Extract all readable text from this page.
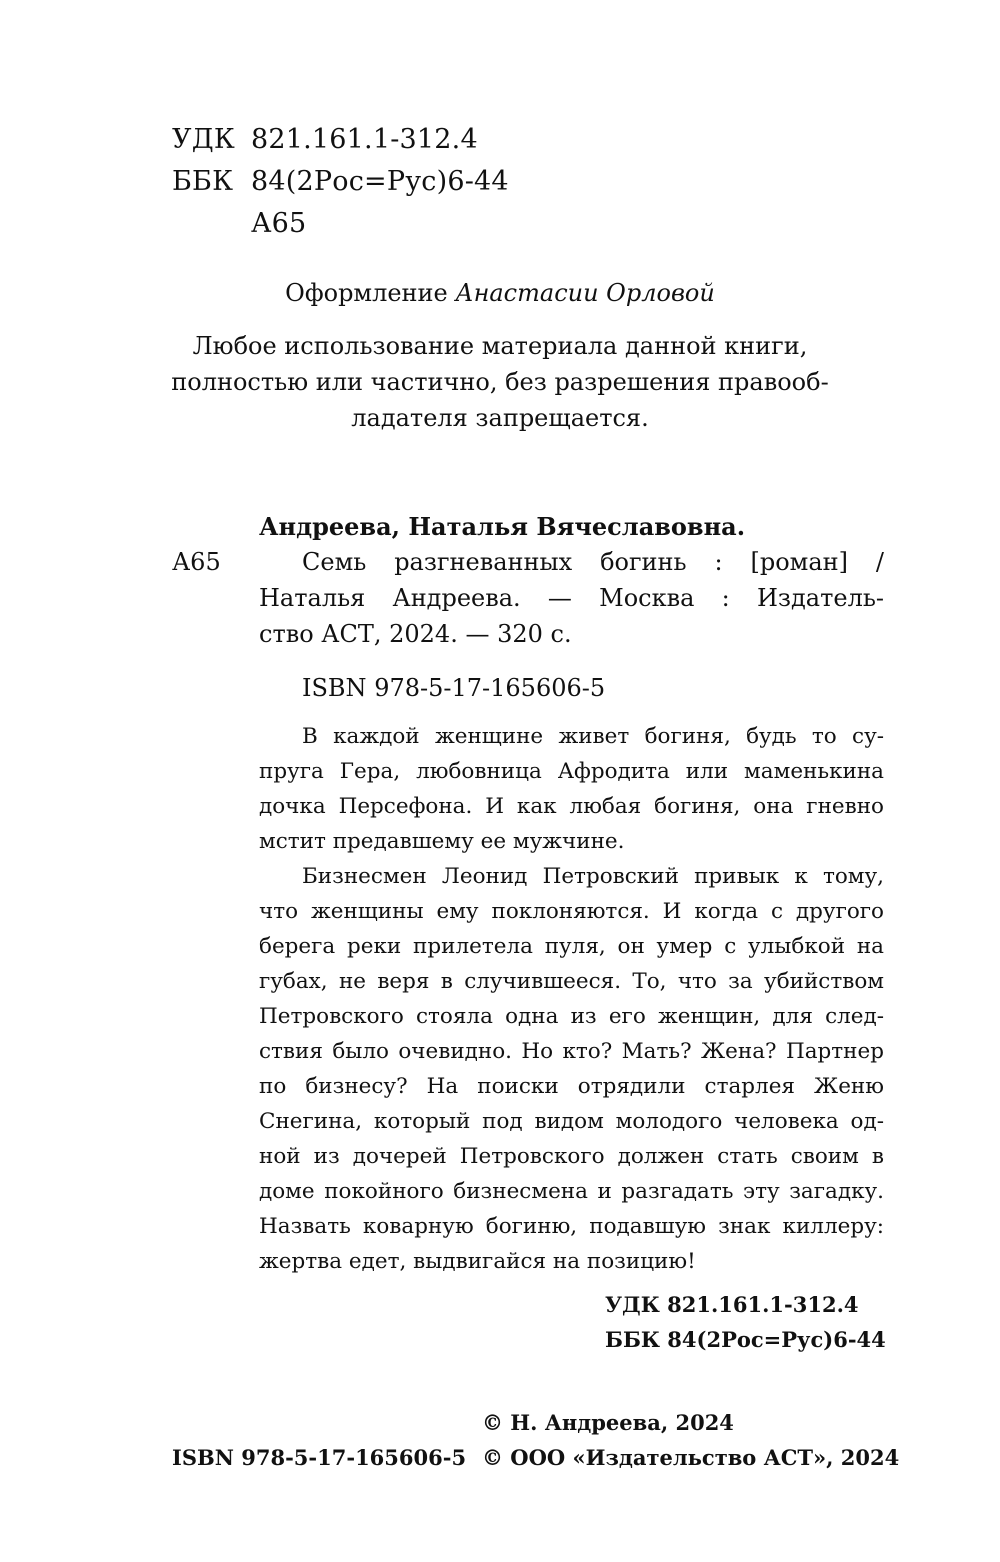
УДК 821.161.1-312.4
ББК 84(2Рос=Рус)6-44
А65
Оформление Анастасии Орловой
Любое использование материала данной книги,
полностью или частично, без разрешения правооб-
ладателя запрещается.
Андреева, Наталья Вячеславовна.
А65	Семь разгневанных богинь : [роман] /
Наталья Андреева. — Москва : Издатель-
ство АСТ, 2024. — 320 с.
ISBN 978-5-17-165606-5
В каждой женщине живет богиня, будь то су-
пруга Гера, любовница Афродита или маменькина
дочка Персефона. И как любая богиня, она гневно
мстит предавшему ее мужчине.
Бизнесмен Леонид Петровский привык к тому,
что женщины ему поклоняются. И когда с другого
берега реки прилетела пуля, он умер с улыбкой на
губах, не веря в случившееся. То, что за убийством
Петровского стояла одна из его женщин, для след-
ствия было очевидно. Но кто? Мать? Жена? Партнер
по бизнесу? На поиски отрядили старлея Женю
Снегина, который под видом молодого человека од-
ной из дочерей Петровского должен стать своим в
доме покойного бизнесмена и разгадать эту загадку.
Назвать коварную богиню, подавшую знак киллеру:
жертва едет, выдвигайся на позицию!
УДК 821.161.1-312.4
ББК 84(2Рос=Рус)6-44
© Н. Андреева, 2024
ISBN 978-5-17-165606-5 © ООО «Издательство АСТ», 2024
